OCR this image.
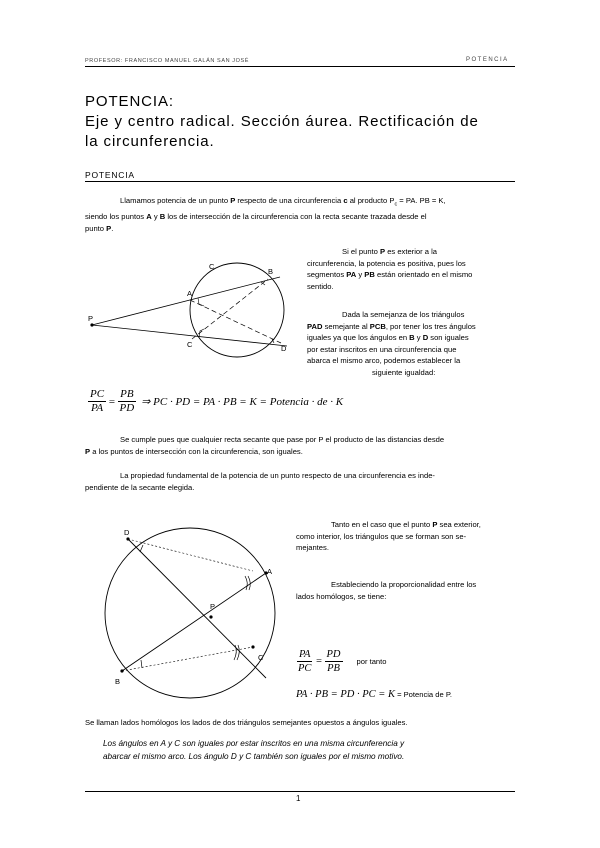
PROFESOR: FRANCISCO MANUEL GALÁN SAN JOSÉ	POTENCIA
POTENCIA:
Eje y centro radical. Sección áurea. Rectificación de
la circunferencia.
POTENCIA
Llamamos potencia de un punto P respecto de una circunferencia c al producto $P_c$ = PA. PB = K,
siendo los puntos A y B los de intersección de la circunferencia con la recta secante trazada desde el
punto P.
P
A
B
C
C	D
Si el punto P es exterior a la
circunferencia, la potencia es positiva, pues los
segmentos PA y PB están orientado en el mismo
sentido.
Dada la semejanza de los triángulos
PAD semejante al PCB, por tener los tres ángulos
iguales ya que los ángulos en B y D son iguales
por estar inscritos en una circunferencia que
abarca el mismo arco, podemos establecer la
siguiente igualdad:
$\frac{PC}{PA} = \frac{PB}{PD}$ ⇒ PC · PD = PA · PB = K = Potencia · de · K
Se cumple pues que cualquier recta secante que pase por P el producto de las distancias desde
P a los puntos de intersección con la circunferencia, son iguales.
La propiedad fundamental de la potencia de un punto respecto de una circunferencia es inde-
pendiente de la secante elegida.
D
A
P
C
B
Tanto en el caso que el punto P sea exterior,
como interior, los triángulos que se forman son se-
mejantes.
Estableciendo la proporcionalidad entre los
lados homólogos, se tiene:
$\frac{PA}{PC} = \frac{PD}{PB}$ por tanto
PA · PB = PD · PC = K = Potencia de P.
Se llaman lados homólogos los lados de dos triángulos semejantes opuestos a ángulos iguales.
Los ángulos en A y C son iguales por estar inscritos en una misma circunferencia y
abarcar el mismo arco. Los ángulo D y C también son iguales por el mismo motivo.
1
